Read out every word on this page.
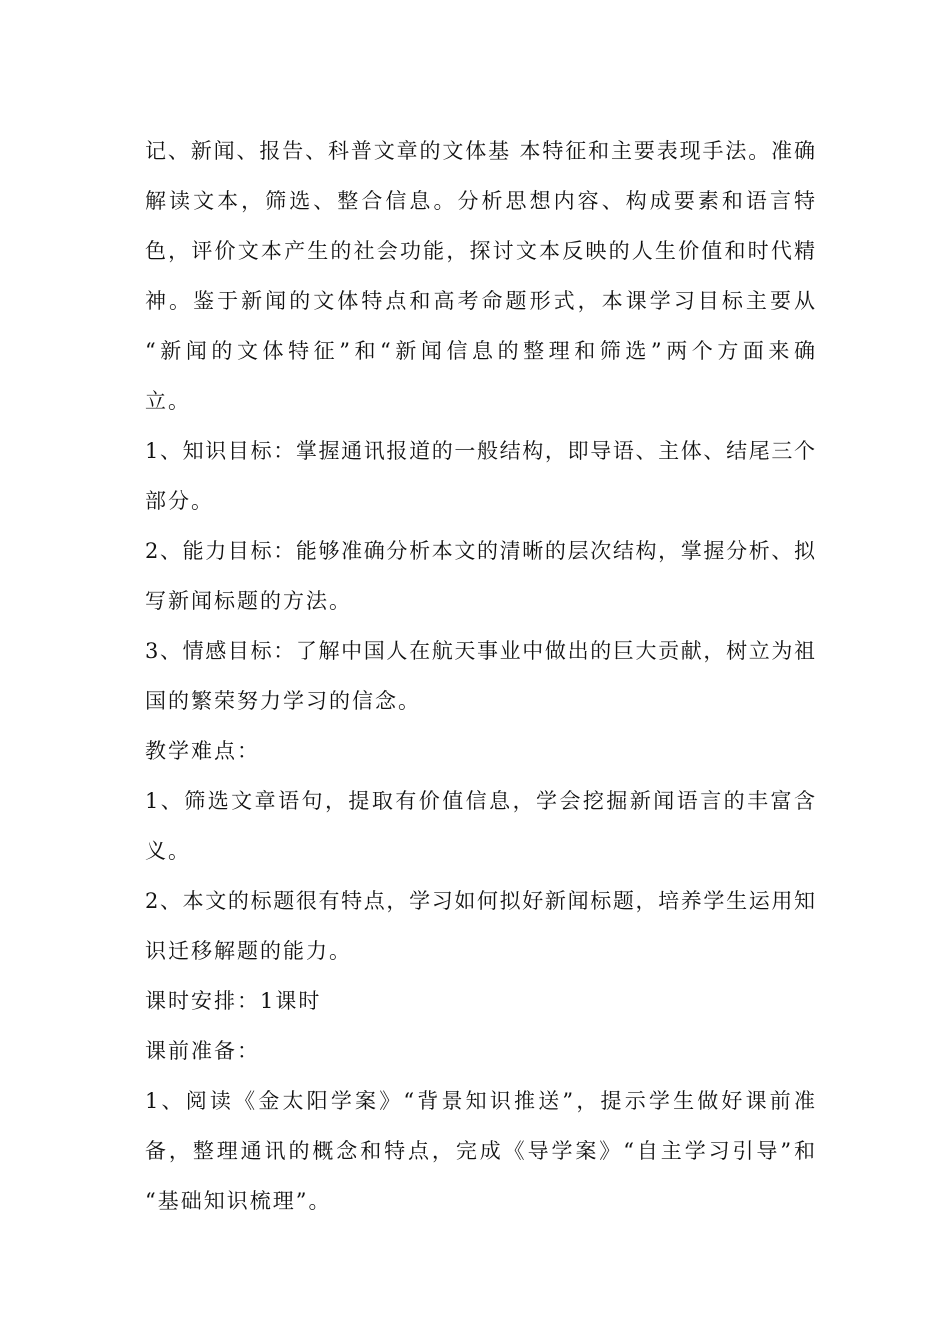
记、新闻、报告、科普文章的文体基 本特征和主要表现手法。准确
解读文本，筛选、整合信息。分析思想内容、构成要素和语言特
色，评价文本产生的社会功能，探讨文本反映的人生价值和时代精
神。鉴于新闻的文体特点和高考命题形式，本课学习目标主要从
“新闻的文体特征”和“新闻信息的整理和筛选”两个方面来确
立。
1、知识目标：掌握通讯报道的一般结构，即导语、主体、结尾三个
部分。
2、能力目标：能够准确分析本文的清晰的层次结构，掌握分析、拟
写新闻标题的方法。
3、情感目标：了解中国人在航天事业中做出的巨大贡献，树立为祖
国的繁荣努力学习的信念。
教学难点：
1、筛选文章语句，提取有价值信息，学会挖掘新闻语言的丰富含
义。
2、本文的标题很有特点，学习如何拟好新闻标题，培养学生运用知
识迁移解题的能力。
课时安排：1课时
课前准备：
1、阅读《金太阳学案》“背景知识推送”，提示学生做好课前准
备，整理通讯的概念和特点，完成《导学案》“自主学习引导”和
“基础知识梳理”。
